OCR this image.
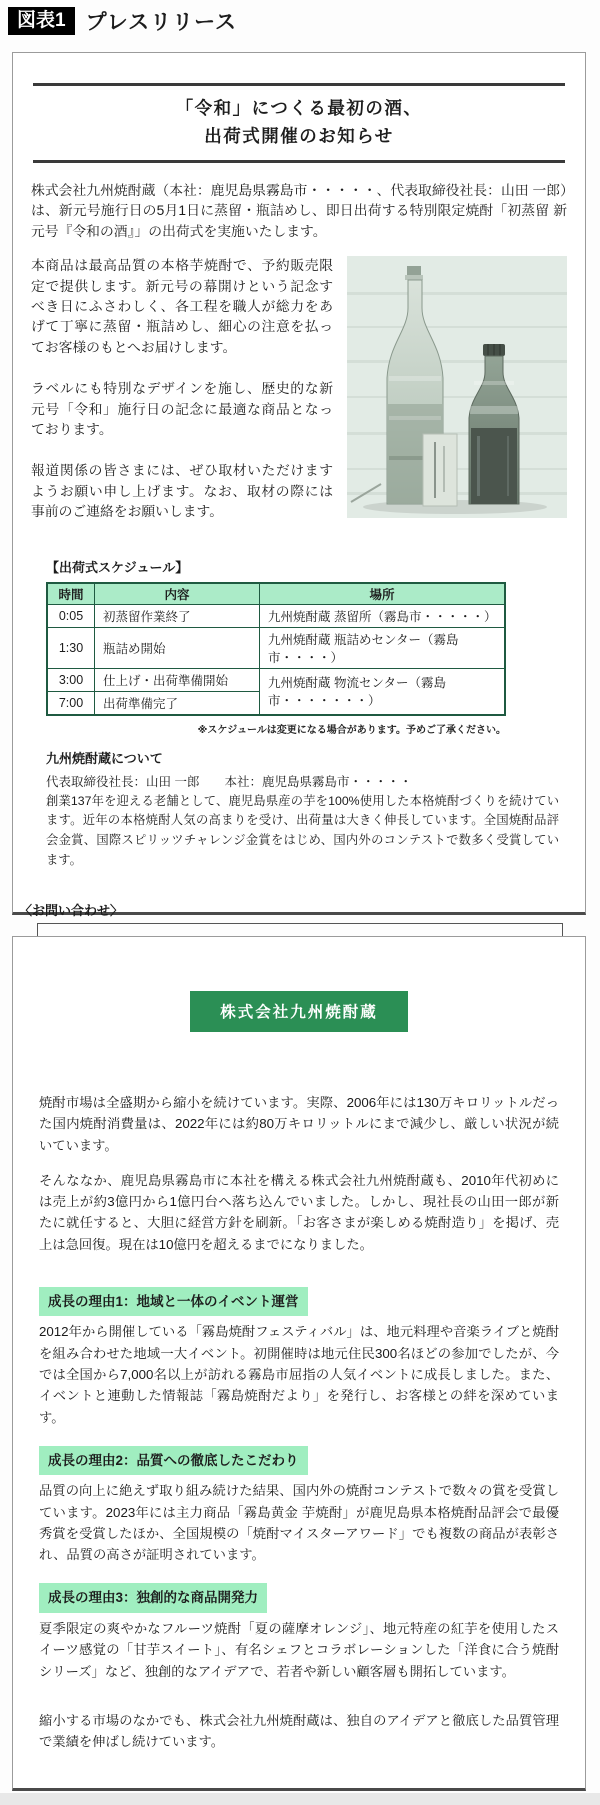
図表1 プレスリリース
「令和」につくる最初の酒、
出荷式開催のお知らせ
株式会社九州焼酎蔵（本社：鹿児島県霧島市・・・・・、代表取締役社長：山田 一郎）は、新元号施行日の5月1日に蒸留・瓶詰めし、即日出荷する特別限定焼酎「初蒸留 新元号『令和の酒』」の出荷式を実施いたします。

本商品は最高品質の本格芋焼酎で、予約販売限定で提供します。新元号の幕開けという記念すべき日にふさわしく、各工程を職人が総力をあげて丁寧に蒸留・瓶詰めし、細心の注意を払ってお客様のもとへお届けします。

ラベルにも特別なデザインを施し、歴史的な新元号「令和」施行日の記念に最適な商品となっております。

報道関係の皆さまには、ぜひ取材いただけますようお願い申し上げます。なお、取材の際には事前のご連絡をお願いします。

【出荷式スケジュール】
時間	内容	場所
0:05	初蒸留作業終了	九州焼酎蔵 蒸留所（霧島市・・・・・）
1:30	瓶詰め開始	九州焼酎蔵 瓶詰めセンター（霧島市・・・・）
3:00	仕上げ・出荷準備開始	九州焼酎蔵 物流センター（霧島市・・・・・・・）
7:00	出荷準備完了	
※スケジュールは変更になる場合があります。予めご了承ください。
九州焼酎蔵について
代表取締役社長：山田 一郎　　本社：鹿児島県霧島市・・・・・
創業137年を迎える老舗として、鹿児島県産の芋を100%使用した本格焼酎づくりを続けています。近年の本格焼酎人気の高まりを受け、出荷量は大きく伸長しています。全国焼酎品評会金賞、国際スピリッツチャレンジ金賞をはじめ、国内外のコンテストで数多く受賞しています。
〈お問い合わせ〉
株式会社九州焼酎蔵

焼酎市場は全盛期から縮小を続けています。実際、2006年には130万キロリットルだった国内焼酎消費量は、2022年には約80万キロリットルにまで減少し、厳しい状況が続いています。

そんななか、鹿児島県霧島市に本社を構える株式会社九州焼酎蔵も、2010年代初めには売上が約3億円から1億円台へ落ち込んでいました。しかし、現社長の山田一郎が新たに就任すると、大胆に経営方針を刷新。「お客さまが楽しめる焼酎造り」を掲げ、売上は急回復。現在は10億円を超えるまでになりました。

成長の理由1：地域と一体のイベント運営

2012年から開催している「霧島焼酎フェスティバル」は、地元料理や音楽ライブと焼酎を組み合わせた地域一大イベント。初開催時は地元住民300名ほどの参加でしたが、今では全国から7,000名以上が訪れる霧島市屈指の人気イベントに成長しました。また、イベントと連動した情報誌「霧島焼酎だより」を発行し、お客様との絆を深めています。

成長の理由2：品質への徹底したこだわり

品質の向上に絶えず取り組み続けた結果、国内外の焼酎コンテストで数々の賞を受賞しています。2023年には主力商品「霧島黄金 芋焼酎」が鹿児島県本格焼酎品評会で最優秀賞を受賞したほか、全国規模の「焼酎マイスターアワード」でも複数の商品が表彰され、品質の高さが証明されています。

成長の理由3：独創的な商品開発力

夏季限定の爽やかなフルーツ焼酎「夏の薩摩オレンジ」、地元特産の紅芋を使用したスイーツ感覚の「甘芋スイート」、有名シェフとコラボレーションした「洋食に合う焼酎シリーズ」など、独創的なアイデアで、若者や新しい顧客層も開拓しています。

縮小する市場のなかでも、株式会社九州焼酎蔵は、独自のアイデアと徹底した品質管理で業績を伸ばし続けています。
